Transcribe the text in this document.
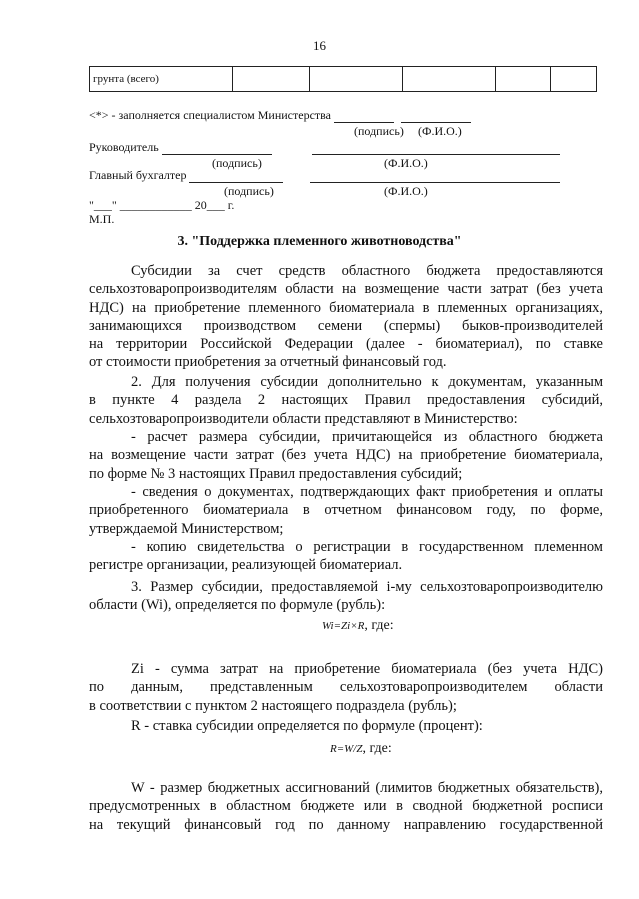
16
грунта (всего)					
<*> - заполняется специалистом Министерства
(подпись) (Ф.И.О.)
Руководитель
(подпись)	(Ф.И.О.)
Главный бухгалтер
(подпись)	(Ф.И.О.)
"___" ____________ 20___ г.
М.П.
3. "Поддержка племенного животноводства"
Субсидии за счет средств областного бюджета предоставляются
сельхозтоваропроизводителям области на возмещение части затрат (без учета
НДС) на приобретение племенного биоматериала в племенных организациях,
занимающихся производством семени (спермы) быков-производителей
на территории Российской Федерации (далее - биоматериал), по ставке
от стоимости приобретения за отчетный финансовый год.
2. Для получения субсидии дополнительно к документам, указанным
в пункте 4 раздела 2 настоящих Правил предоставления субсидий,
сельхозтоваропроизводители области представляют в Министерство:
- расчет размера субсидии, причитающейся из областного бюджета
на возмещение части затрат (без учета НДС) на приобретение биоматериала,
по форме № 3 настоящих Правил предоставления субсидий;
- сведения о документах, подтверждающих факт приобретения и оплаты
приобретенного биоматериала в отчетном финансовом году, по форме,
утверждаемой Министерством;
- копию свидетельства о регистрации в государственном племенном
регистре организации, реализующей биоматериал.
3. Размер субсидии, предоставляемой i-му сельхозтоваропроизводителю
области (Wi), определяется по формуле (рубль):
Wi=Zi×R, где:
Zi - сумма затрат на приобретение биоматериала (без учета НДС)
по данным, представленным сельхозтоваропроизводителем области
в соответствии с пунктом 2 настоящего подраздела (рубль);
R - ставка субсидии определяется по формуле (процент):
R=W/Z, где:
W - размер бюджетных ассигнований (лимитов бюджетных обязательств),
предусмотренных в областном бюджете или в сводной бюджетной росписи
на текущий финансовый год по данному направлению государственной
